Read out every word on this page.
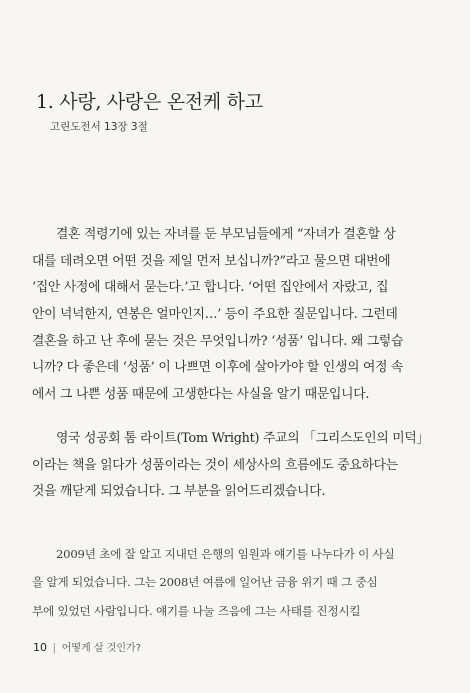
1. 사랑, 사랑은 온전케 하고
고린도전서 13장 3절
결혼 적령기에 있는 자녀를 둔 부모님들에게 “자녀가 결혼할 상
대를 데려오면 어떤 것을 제일 먼저 보십니까?”라고 물으면 대번에
‘집안 사정에 대해서 묻는다.’고 합니다. ‘어떤 집안에서 자랐고, 집
안이 넉넉한지, 연봉은 얼마인지…’ 등이 주요한 질문입니다. 그런데
결혼을 하고 난 후에 묻는 것은 무엇입니까? ‘성품’ 입니다. 왜 그렇습
니까? 다 좋은데 ‘성품’ 이 나쁘면 이후에 살아가야 할 인생의 여정 속
에서 그 나쁜 성품 때문에 고생한다는 사실을 알기 때문입니다.
영국 성공회 톰 라이트(Tom Wright) 주교의 「그리스도인의 미덕」
이라는 책을 읽다가 성품이라는 것이 세상사의 흐름에도 중요하다는
것을 깨닫게 되었습니다. 그 부분을 읽어드리겠습니다.
2009년 초에 잘 알고 지내던 은행의 임원과 얘기를 나누다가 이 사실
을 알게 되었습니다. 그는 2008년 여름에 일어난 금융 위기 때 그 중심
부에 있었던 사람입니다. 얘기를 나눌 즈음에 그는 사태를 진정시킬
10 | 어떻게 살 것인가?
